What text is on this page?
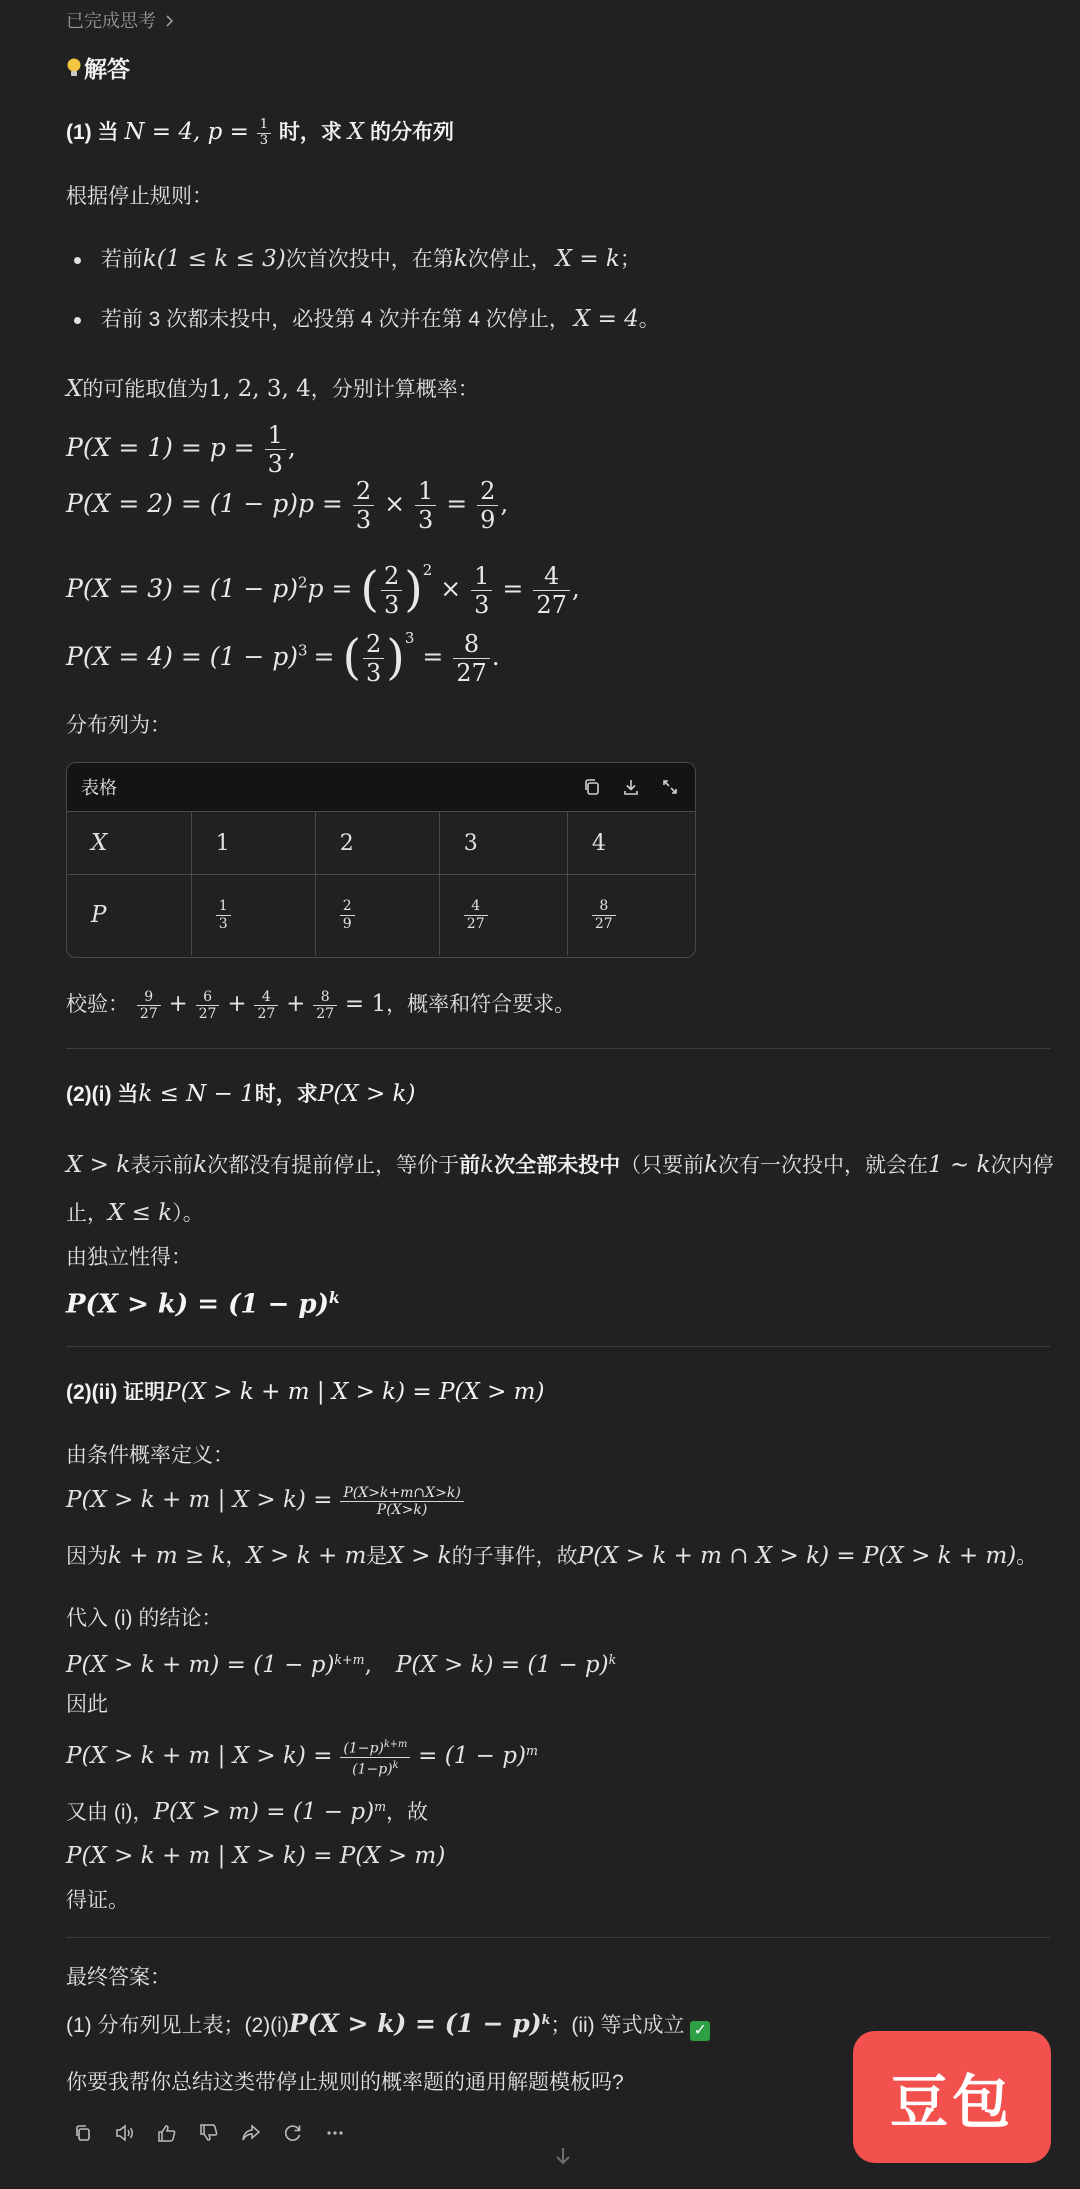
已完成思考
解答
(1) 当 N = 4, $p = \frac{1}{3}$ 时，求 X 的分布列
根据停止规则：
若前k(1 ≤ k ≤ 3)次首次投中，在第k次停止， X = k；
若前 3 次都未投中，必投第 4 次并在第 4 次停止， X = 4。
X的可能取值为1, 2, 3, 4，分别计算概率：
$P(X = 1) = p = \frac{1}{3}$ ,
$P(X = 2) = (1 - p)p = \frac{2}{3} \times \frac{1}{3} = \frac{2}{9}$ ,
$P(X = 3) = (1 - p)^2p$ = ( $\frac{2}{3} )^2 \times \frac{1}{3} = \frac{4}{27}$ ,
$P(X = 4) = (1 - p)^3$ = ( $\frac{2}{3} )^3 = \frac{8}{27}$ .
分布列为：
表格
X	1	2	3	4
P	$\frac{1}{3}$	$\frac{2}{9}$	$\frac{4}{27}$	$\frac{8}{27}$
校验： $\frac{9}{27} + \frac{6}{27} + \frac{4}{27} + \frac{8}{27} = 1$，概率和符合要求。
(2)(i) 当k ≤ N − 1时，求P(X > k)
X > k表示前k次都没有提前停止，等价于前k次全部未投中（只要前k次有一次投中，就会在1 ∼ k次内停
止，X ≤ k）。
由独立性得：
$P(X > k) = (1 - p)^k$
(2)(ii) 证明P(X > k + m | X > k) = P(X > m)
由条件概率定义：
P(X > k + m | $X > k) = \frac{P(X>k+m\cap X>k)}{P(X>k)}$
因为k + m ≥ k，X > k + m是X > k的子事件，故P(X > k + m ∩ X > k) = P(X > k + m)。
代入 (i) 的结论：
$P(X > k + m) = (1 - p)^{k+m}$, $P(X > k) = (1 - p)^k$
因此
P(X > k + m | $X > k) = \frac{(1-p)^{k+m}}{(1-p)^k} = (1 - p)^m$
又由 (i)，$P(X > m) = (1 - p)^m$，故
P(X > k + m | X > k) = P(X > m)
得证。
最终答案：
(1) 分布列见上表；$(2)(i)P(X > k) = (1 - p)^k$；(ii) 等式成立 ✓
你要我帮你总结这类带停止规则的概率题的通用解题模板吗?	豆包
